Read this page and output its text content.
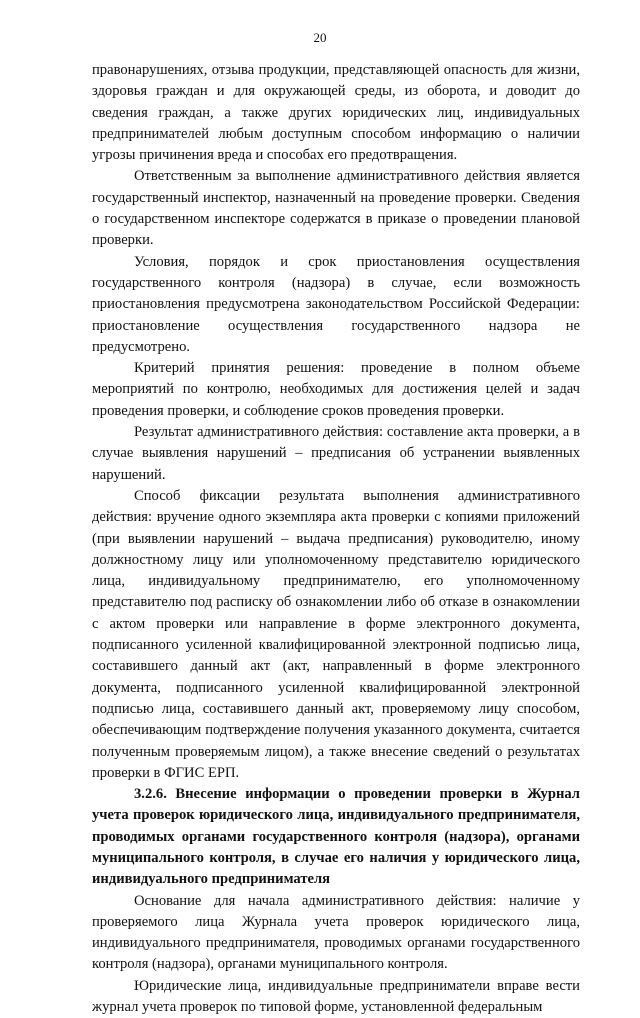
20

правонарушениях, отзыва продукции, представляющей опасность для жизни, здоровья граждан и для окружающей среды, из оборота, и доводит до сведения граждан, а также других юридических лиц, индивидуальных предпринимателей любым доступным способом информацию о наличии угрозы причинения вреда и способах его предотвращения.

Ответственным за выполнение административного действия является государственный инспектор, назначенный на проведение проверки. Сведения о государственном инспекторе содержатся в приказе о проведении плановой проверки.

Условия, порядок и срок приостановления осуществления государственного контроля (надзора) в случае, если возможность приостановления предусмотрена законодательством Российской Федерации: приостановление осуществления государственного надзора не предусмотрено.

Критерий принятия решения: проведение в полном объеме мероприятий по контролю, необходимых для достижения целей и задач проведения проверки, и соблюдение сроков проведения проверки.

Результат административного действия: составление акта проверки, а в случае выявления нарушений – предписания об устранении выявленных нарушений.

Способ фиксации результата выполнения административного действия: вручение одного экземпляра акта проверки с копиями приложений (при выявлении нарушений – выдача предписания) руководителю, иному должностному лицу или уполномоченному представителю юридического лица, индивидуальному предпринимателю, его уполномоченному представителю под расписку об ознакомлении либо об отказе в ознакомлении с актом проверки или направление в форме электронного документа, подписанного усиленной квалифицированной электронной подписью лица, составившего данный акт (акт, направленный в форме электронного документа, подписанного усиленной квалифицированной электронной подписью лица, составившего данный акт, проверяемому лицу способом, обеспечивающим подтверждение получения указанного документа, считается полученным проверяемым лицом), а также внесение сведений о результатах проверки в ФГИС ЕРП.

3.2.6. Внесение информации о проведении проверки в Журнал учета проверок юридического лица, индивидуального предпринимателя, проводимых органами государственного контроля (надзора), органами муниципального контроля, в случае его наличия у юридического лица, индивидуального предпринимателя

Основание для начала административного действия: наличие у проверяемого лица Журнала учета проверок юридического лица, индивидуального предпринимателя, проводимых органами государственного контроля (надзора), органами муниципального контроля.

Юридические лица, индивидуальные предприниматели вправе вести журнал учета проверок по типовой форме, установленной федеральным
